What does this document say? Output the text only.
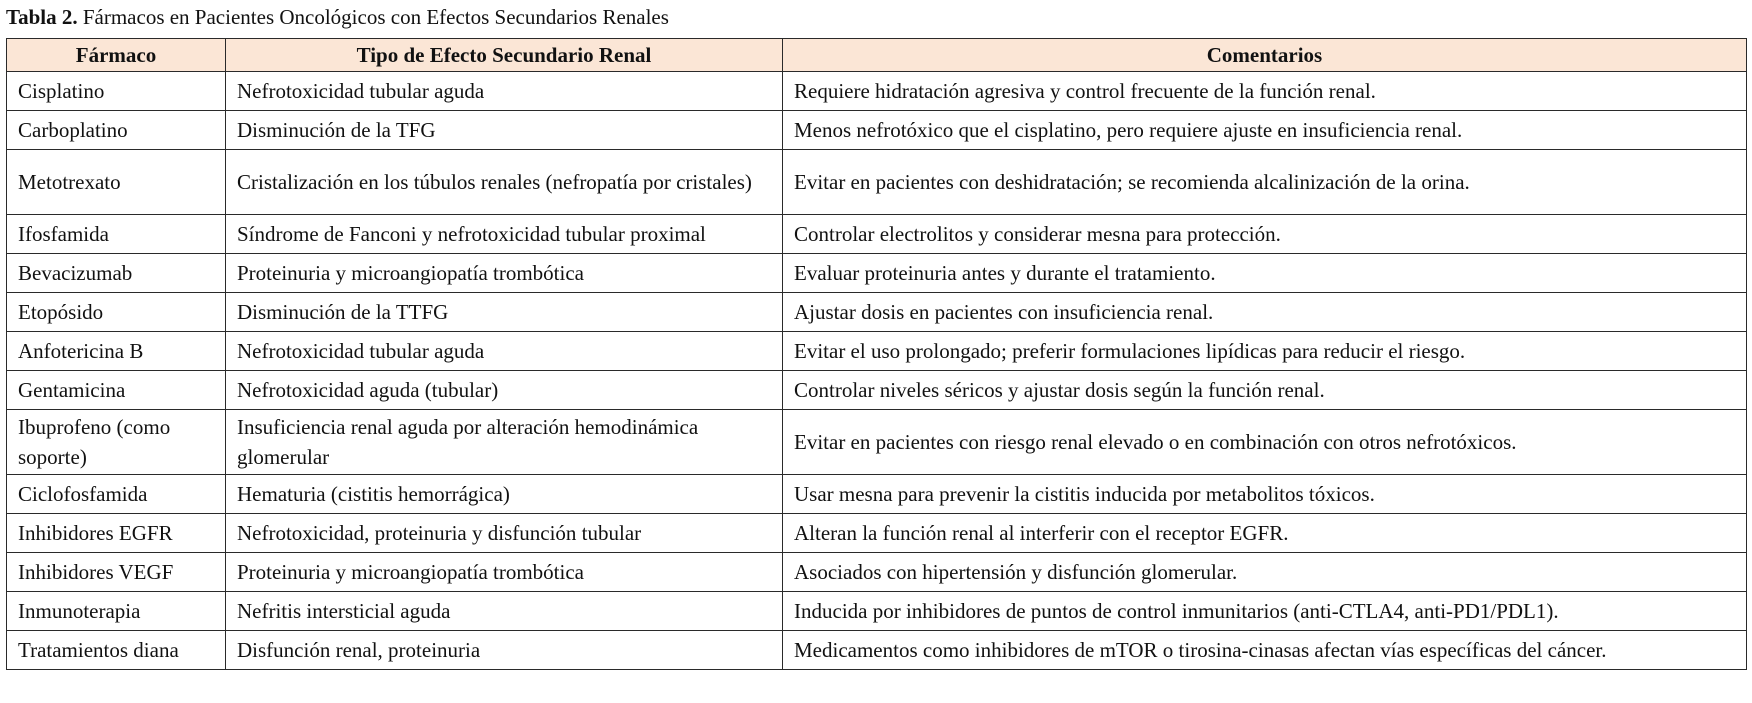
Tabla 2. Fármacos en Pacientes Oncológicos con Efectos Secundarios Renales
Fármaco	Tipo de Efecto Secundario Renal	Comentarios
Cisplatino	Nefrotoxicidad tubular aguda	Requiere hidratación agresiva y control frecuente de la función renal.
Carboplatino	Disminución de la TFG	Menos nefrotóxico que el cisplatino, pero requiere ajuste en insuficiencia renal.
Metotrexato	Cristalización en los túbulos renales (nefropatía por cristales)	Evitar en pacientes con deshidratación; se recomienda alcalinización de la orina.
Ifosfamida	Síndrome de Fanconi y nefrotoxicidad tubular proximal	Controlar electrolitos y considerar mesna para protección.
Bevacizumab	Proteinuria y microangiopatía trombótica	Evaluar proteinuria antes y durante el tratamiento.
Etopósido	Disminución de la TTFG	Ajustar dosis en pacientes con insuficiencia renal.
Anfotericina B	Nefrotoxicidad tubular aguda	Evitar el uso prolongado; preferir formulaciones lipídicas para reducir el riesgo.
Gentamicina	Nefrotoxicidad aguda (tubular)	Controlar niveles séricos y ajustar dosis según la función renal.
Ibuprofeno (como soporte)	Insuficiencia renal aguda por alteración hemodinámica glomerular	Evitar en pacientes con riesgo renal elevado o en combinación con otros nefrotóxicos.
Ciclofosfamida	Hematuria (cistitis hemorrágica)	Usar mesna para prevenir la cistitis inducida por metabolitos tóxicos.
Inhibidores EGFR	Nefrotoxicidad, proteinuria y disfunción tubular	Alteran la función renal al interferir con el receptor EGFR.
Inhibidores VEGF	Proteinuria y microangiopatía trombótica	Asociados con hipertensión y disfunción glomerular.
Inmunoterapia	Nefritis intersticial aguda	Inducida por inhibidores de puntos de control inmunitarios (anti-CTLA4, anti-PD1/PDL1).
Tratamientos diana	Disfunción renal, proteinuria	Medicamentos como inhibidores de mTOR o tirosina-cinasas afectan vías específicas del cáncer.
